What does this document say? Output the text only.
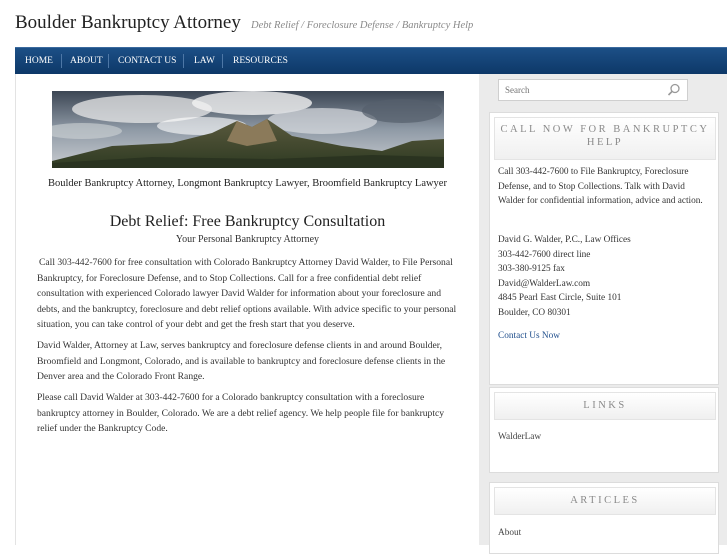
Boulder Bankruptcy Attorney Debt Relief / Foreclosure Defense / Bankruptcy Help
HOME ABOUT CONTACT US LAW RESOURCES
Boulder Bankruptcy Attorney, Longmont Bankruptcy Lawyer, Broomfield Bankruptcy Lawyer
Debt Relief: Free Bankruptcy Consultation
Your Personal Bankruptcy Attorney
Call 303-442-7600 for free consultation with Colorado Bankruptcy Attorney David Walder, to File Personal Bankruptcy, for Foreclosure Defense, and to Stop Collections. Call for a free confidential debt relief consultation with experienced Colorado lawyer David Walder for information about your foreclosure and debts, and the bankruptcy, foreclosure and debt relief options available. With advice specific to your personal situation, you can take control of your debt and get the fresh start that you deserve.
David Walder, Attorney at Law, serves bankruptcy and foreclosure defense clients in and around Boulder, Broomfield and Longmont, Colorado, and is available to bankruptcy and foreclosure defense clients in the Denver area and the Colorado Front Range.
Please call David Walder at 303-442-7600 for a Colorado bankruptcy consultation with a foreclosure bankruptcy attorney in Boulder, Colorado. We are a debt relief agency. We help people file for bankruptcy relief under the Bankruptcy Code.
Search
CALL NOW FOR BANKRUPTCY HELP
Call 303-442-7600 to File Bankruptcy, Foreclosure Defense, and to Stop Collections. Talk with David Walder for confidential information, advice and action.
David G. Walder, P.C., Law Offices
303-442-7600 direct line
303-380-9125 fax
David@WalderLaw.com
4845 Pearl East Circle, Suite 101
Boulder, CO 80301
Contact Us Now
LINKS
WalderLaw
ARTICLES
About
